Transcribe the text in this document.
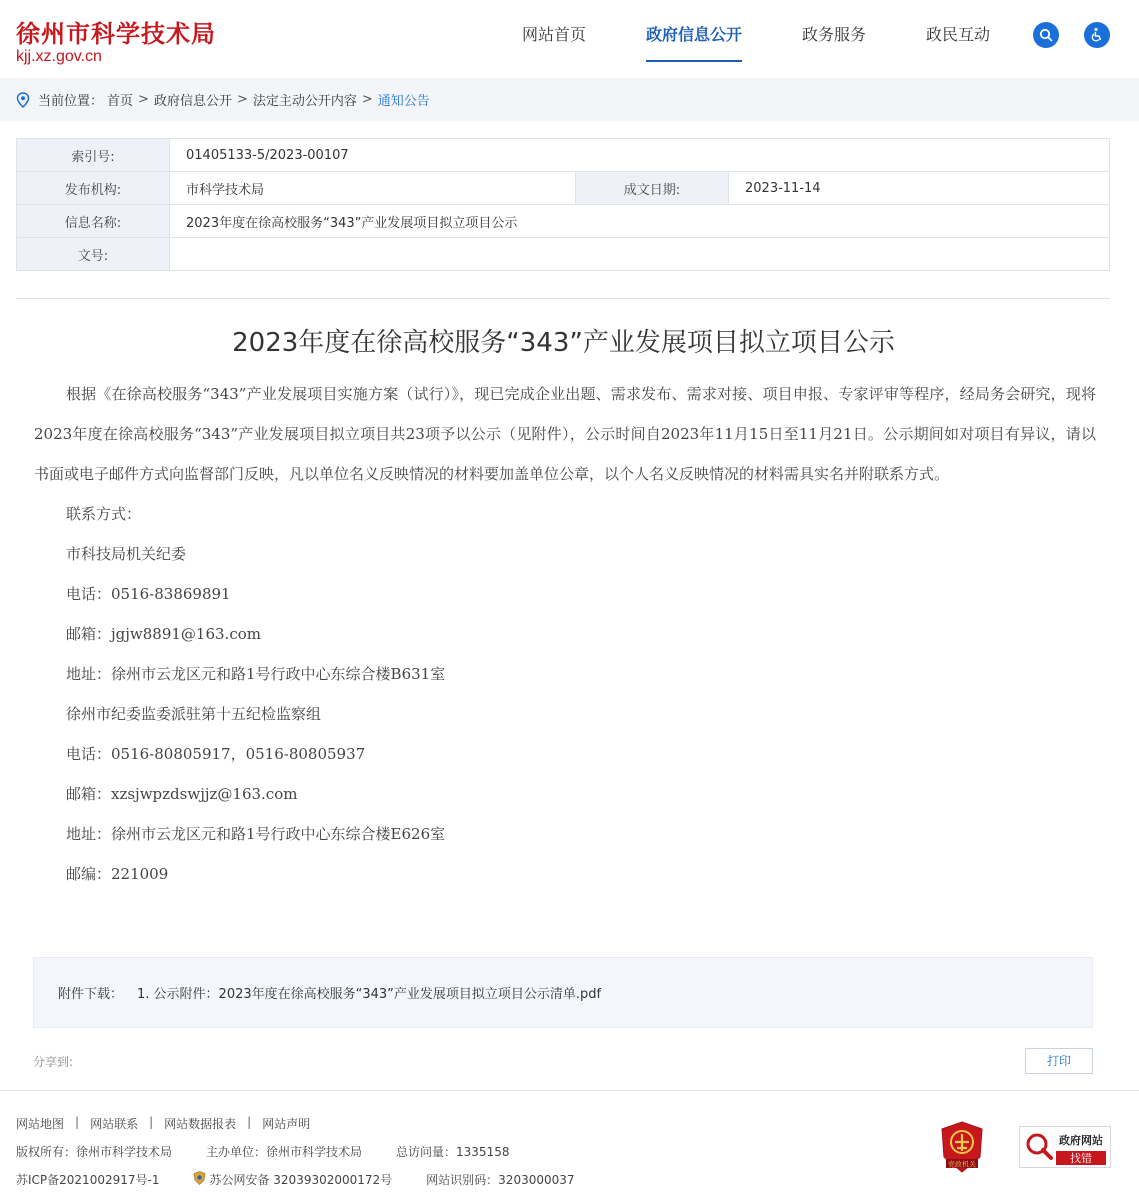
徐州市科学技术局
kjj.xz.gov.cn
网站首页	政府信息公开	政务服务	政民互动
当前位置： 首页 > 政府信息公开 > 法定主动公开内容 > 通知公告
索引号:	01405133-5/2023-00107		
发布机构:	市科学技术局	成文日期:	2023-11-14
信息名称:	2023年度在徐高校服务“343”产业发展项目拟立项目公示		
文号:			
2023年度在徐高校服务“343”产业发展项目拟立项目公示
根据《在徐高校服务“343”产业发展项目实施方案（试行）》，现已完成企业出题、需求发布、需求对接、项目申报、专家评审等程序，经局务会研究，现将2023年度在徐高校服务“343”产业发展项目拟立项目共23项予以公示（见附件），公示时间自2023年11月15日至11月21日。公示期间如对项目有异议，请以书面或电子邮件方式向监督部门反映，凡以单位名义反映情况的材料要加盖单位公章，以个人名义反映情况的材料需具实名并附联系方式。
联系方式：
市科技局机关纪委
电话：0516-83869891
邮箱：jgjw8891@163.com
地址：徐州市云龙区元和路1号行政中心东综合楼B631室
徐州市纪委监委派驻第十五纪检监察组
电话：0516-80805917，0516-80805937
邮箱：xzsjwpzdswjjz@163.com
地址：徐州市云龙区元和路1号行政中心东综合楼E626室
邮编：221009
附件下载： 1. 公示附件：2023年度在徐高校服务“343”产业发展项目拟立项目公示清单.pdf
分享到:	打印
网站地图 | 网站联系 | 网站数据报表 | 网站声明
版权所有：徐州市科学技术局	主办单位：徐州市科学技术局	总访问量：1335158
苏ICP备2021002917号-1	苏公网安备 32039302000172号	网站识别码：3203000037
党政机关
政府网站
找错
